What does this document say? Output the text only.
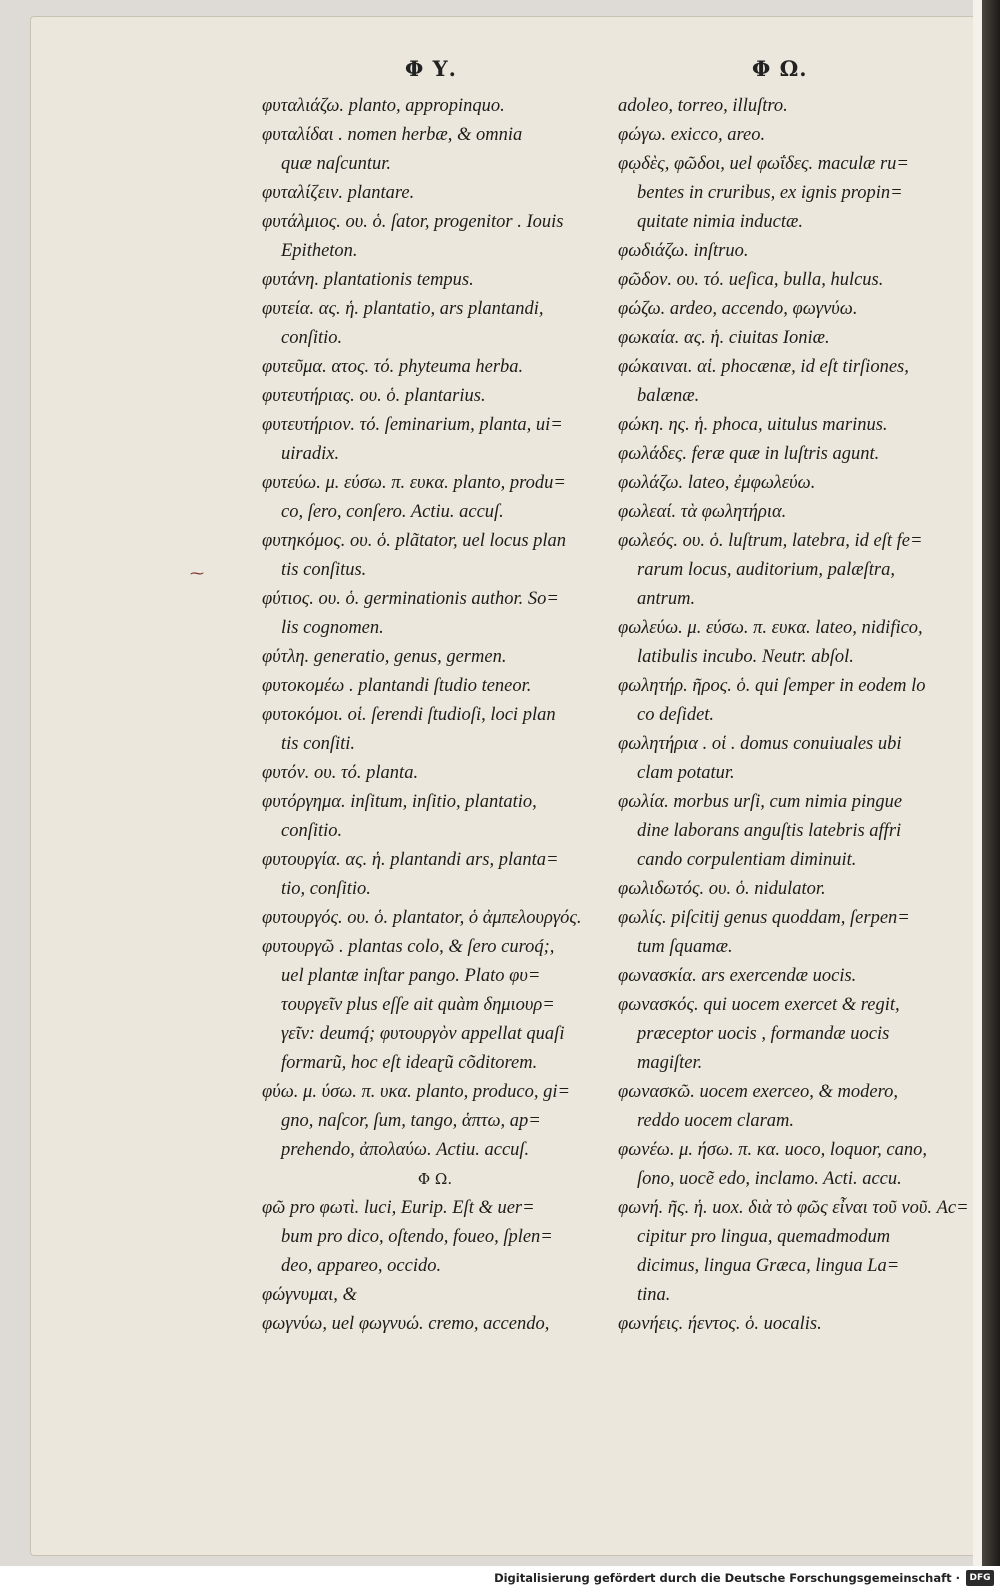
⁓
Φ Υ.	Φ Ω.
φυταλιάζω. planto, appropinquo.
φυταλίδαι . nomen herbæ, & omnia
quæ naſcuntur.
φυταλίζειν. plantare.
φυτάλμιος. ου. ὁ. ſator, progenitor . Iouis
Epitheton.
φυτάνη. plantationis tempus.
φυτεία. ας. ἡ. plantatio, ars plantandi,
conſitio.
φυτεῦμα. ατος. τό. phyteuma herba.
φυτευτήριας. ου. ὁ. plantarius.
φυτευτήριον. τό. ſeminarium, planta, ui=
uiradix.
φυτεύω. μ. εύσω. π. ευκα. planto, produ=
co, ſero, conſero. Actiu. accuſ.
φυτηκόμος. ου. ὁ. plãtator, uel locus plan
tis conſitus.
φύτιος. ου. ὁ. germinationis author. So=
lis cognomen.
φύτλη. generatio, genus, germen.
φυτοκομέω . plantandi ſtudio teneor.
φυτοκόμοι. οἱ. ſerendi ſtudioſi, loci plan
tis conſiti.
φυτόν. ου. τό. planta.
φυτόργημα. inſitum, inſitio, plantatio,
conſitio.
φυτουργία. ας. ἡ. plantandi ars, planta=
tio, conſitio.
φυτουργός. ου. ὁ. plantator, ὁ ἀμπελουργός.
φυτουργῶ . plantas colo, & ſero curoq́;,
uel plantæ inſtar pango. Plato φυ=
τουργεῖν plus eſſe ait quàm δημιουρ=
γεῖν: deumq́; φυτουργὸν appellat quaſi
formarũ, hoc eſt ideaɽũ cõditorem.
φύω. μ. ύσω. π. υκα. planto, produco, gi=
gno, naſcor, ſum, tango, ἁπτω, ap=
prehendo, ἀπολαύω. Actiu. accuſ.
Φ Ω.
φῶ pro φωτὶ. luci, Eurip. Eſt & uer=
bum pro dico, oſtendo, foueo, ſplen=
deo, appareo, occido.
φώγνυμαι, &
φωγνύω, uel φωγνυώ. cremo, accendo,
adoleo, torreo, illuſtro.
φώγω. exicco, areo.
φῳδὲς, φῶδοι, uel φωΐδες. maculæ ru=
bentes in cruribus, ex ignis propin=
quitate nimia inductæ.
φωδιάζω. inſtruo.
φῶδον. ου. τό. ueſica, bulla, hulcus.
φώζω. ardeo, accendo, φωγνύω.
φωκαία. ας. ἡ. ciuitas Ioniæ.
φώκαιναι. αἱ. phocænæ, id eſt tirſiones,
balænæ.
φώκη. ης. ἡ. phoca, uitulus marinus.
φωλάδες. feræ quæ in luſtris agunt.
φωλάζω. lateo, ἐμφωλεύω.
φωλεαί. τὰ φωλητήρια.
φωλεός. ου. ὁ. luſtrum, latebra, id eſt fe=
rarum locus, auditorium, palæſtra,
antrum.
φωλεύω. μ. εύσω. π. ευκα. lateo, nidifico,
latibulis incubo. Neutr. abſol.
φωλητήρ. ῆρος. ὁ. qui ſemper in eodem lo
co deſidet.
φωλητήρια . οἱ . domus conuiuales ubi
clam potatur.
φωλία. morbus urſi, cum nimia pingue
dine laborans anguſtis latebris affri
cando corpulentiam diminuit.
φωλιδωτός. ου. ὁ. nidulator.
φωλίς. piſcitij genus quoddam, ſerpen=
tum ſquamæ.
φωνασκία. ars exercendæ uocis.
φωνασκός. qui uocem exercet & regit,
præceptor uocis , formandæ uocis
magiſter.
φωνασκῶ. uocem exerceo, & modero,
reddo uocem claram.
φωνέω. μ. ήσω. π. κα. uoco, loquor, cano,
ſono, uocẽ edo, inclamo. Acti. accu.
φωνή. ῆς. ἡ. uox. διὰ τὸ φῶς εἶναι τοῦ νοῦ. Ac=
cipitur pro lingua, quemadmodum
dicimus, lingua Græca, lingua La=
tina.
φωνήεις. ήεντος. ὁ. uocalis.
Digitalisierung gefördert durch die Deutsche Forschungsgemeinschaft ·	DFG
